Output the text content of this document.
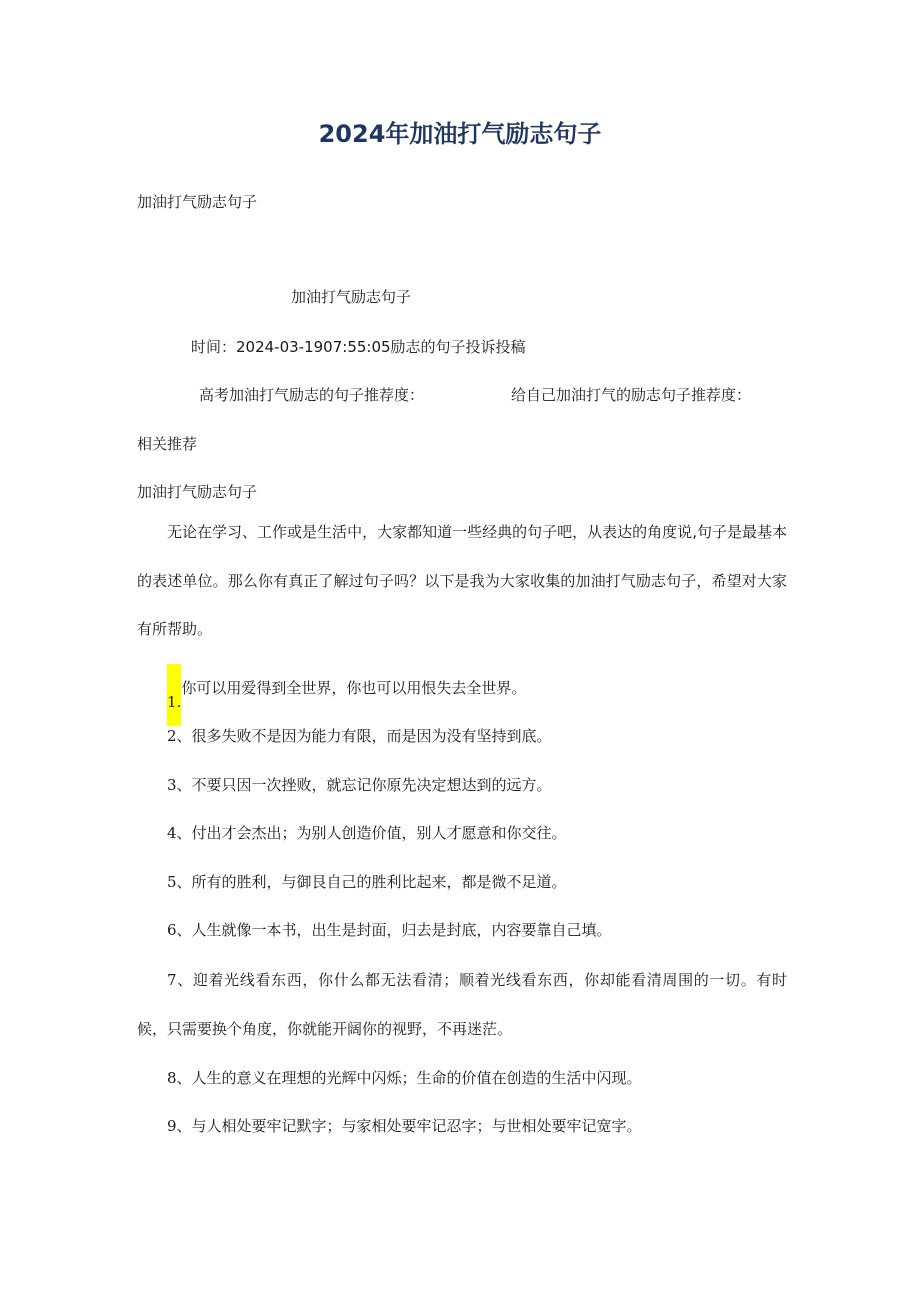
2024年加油打气励志句子
加油打气励志句子
加油打气励志句子
时间：2024-03-1907:55:05励志的句子投诉投稿
高考加油打气励志的句子推荐度：	给自己加油打气的励志句子推荐度：
相关推荐
加油打气励志句子
无论在学习、工作或是生活中，大家都知道一些经典的句子吧，从表达的角度说,句子是最基本的表述单位。那么你有真正了解过句子吗？以下是我为大家收集的加油打气励志句子，希望对大家有所帮助。
1.你可以用爱得到全世界，你也可以用恨失去全世界。
2、很多失败不是因为能力有限，而是因为没有坚持到底。
3、不要只因一次挫败，就忘记你原先决定想达到的远方。
4、付出才会杰出；为别人创造价值，别人才愿意和你交往。
5、所有的胜利，与御艮自己的胜利比起来，都是微不足道。
6、人生就像一本书，出生是封面，归去是封底，内容要靠自己填。
7、迎着光线看东西，你什么都无法看清；顺着光线看东西，你却能看清周围的一切。有时候，只需要换个角度，你就能开阔你的视野，不再迷茫。
8、人生的意义在理想的光辉中闪烁；生命的价值在创造的生活中闪现。
9、与人相处要牢记默字；与家相处要牢记忍字；与世相处要牢记宽字。
